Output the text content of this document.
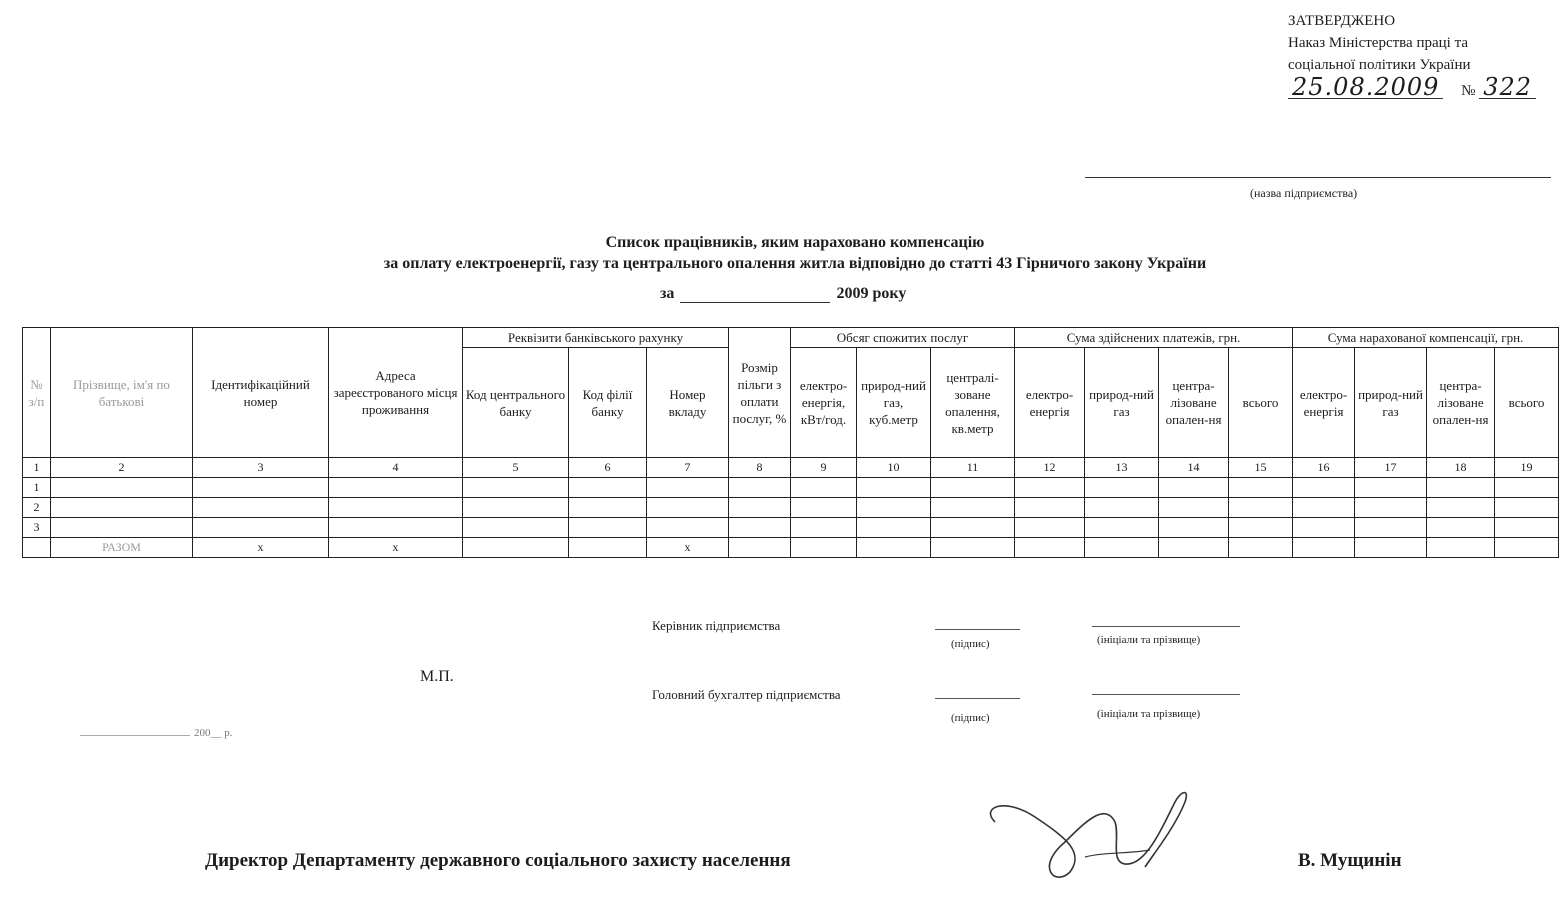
ЗАТВЕРДЖЕНО
Наказ Міністерства праці та
соціальної політики України
25.08.2009 № 322
(назва підприємства)
Список працівників, яким нараховано компенсацію
за оплату електроенергії, газу та центрального опалення житла відповідно до статті 43 Гірничого закону України
за	2009 року
№ з/п	Прізвище, ім'я по батькові	Ідентифікаційний номер	Адреса зареєстрованого місця проживання	Реквізити банківського рахунку			Розмір пільги з оплати послуг, %	Обсяг спожитих послуг			Сума здійснених платежів, грн.				Сума нарахованої компенсації, грн.			
				Код центрального банку	Код філії банку	Номер вкладу		електро-енергія, кВт/год.	природ-ний газ, куб.метр	централі-зоване опалення, кв.метр	електро-енергія	природ-ний газ	центра-лізоване опален-ня	всього	електро-енергія	природ-ний газ	центра-лізоване опален-ня	всього
1	2	3	4	5	6	7	8	9	10	11	12	13	14	15	16	17	18	19
1																		
2																		
3																		
	РАЗОМ	х	х			х												
Керівник підприємства
(підпис)	(ініціали та прізвище)
М.П.
Головний бухгалтер підприємства
(підпис)	(ініціали та прізвище)
200__ р.
Директор Департаменту державного соціального захисту населення	В. Мущинін
